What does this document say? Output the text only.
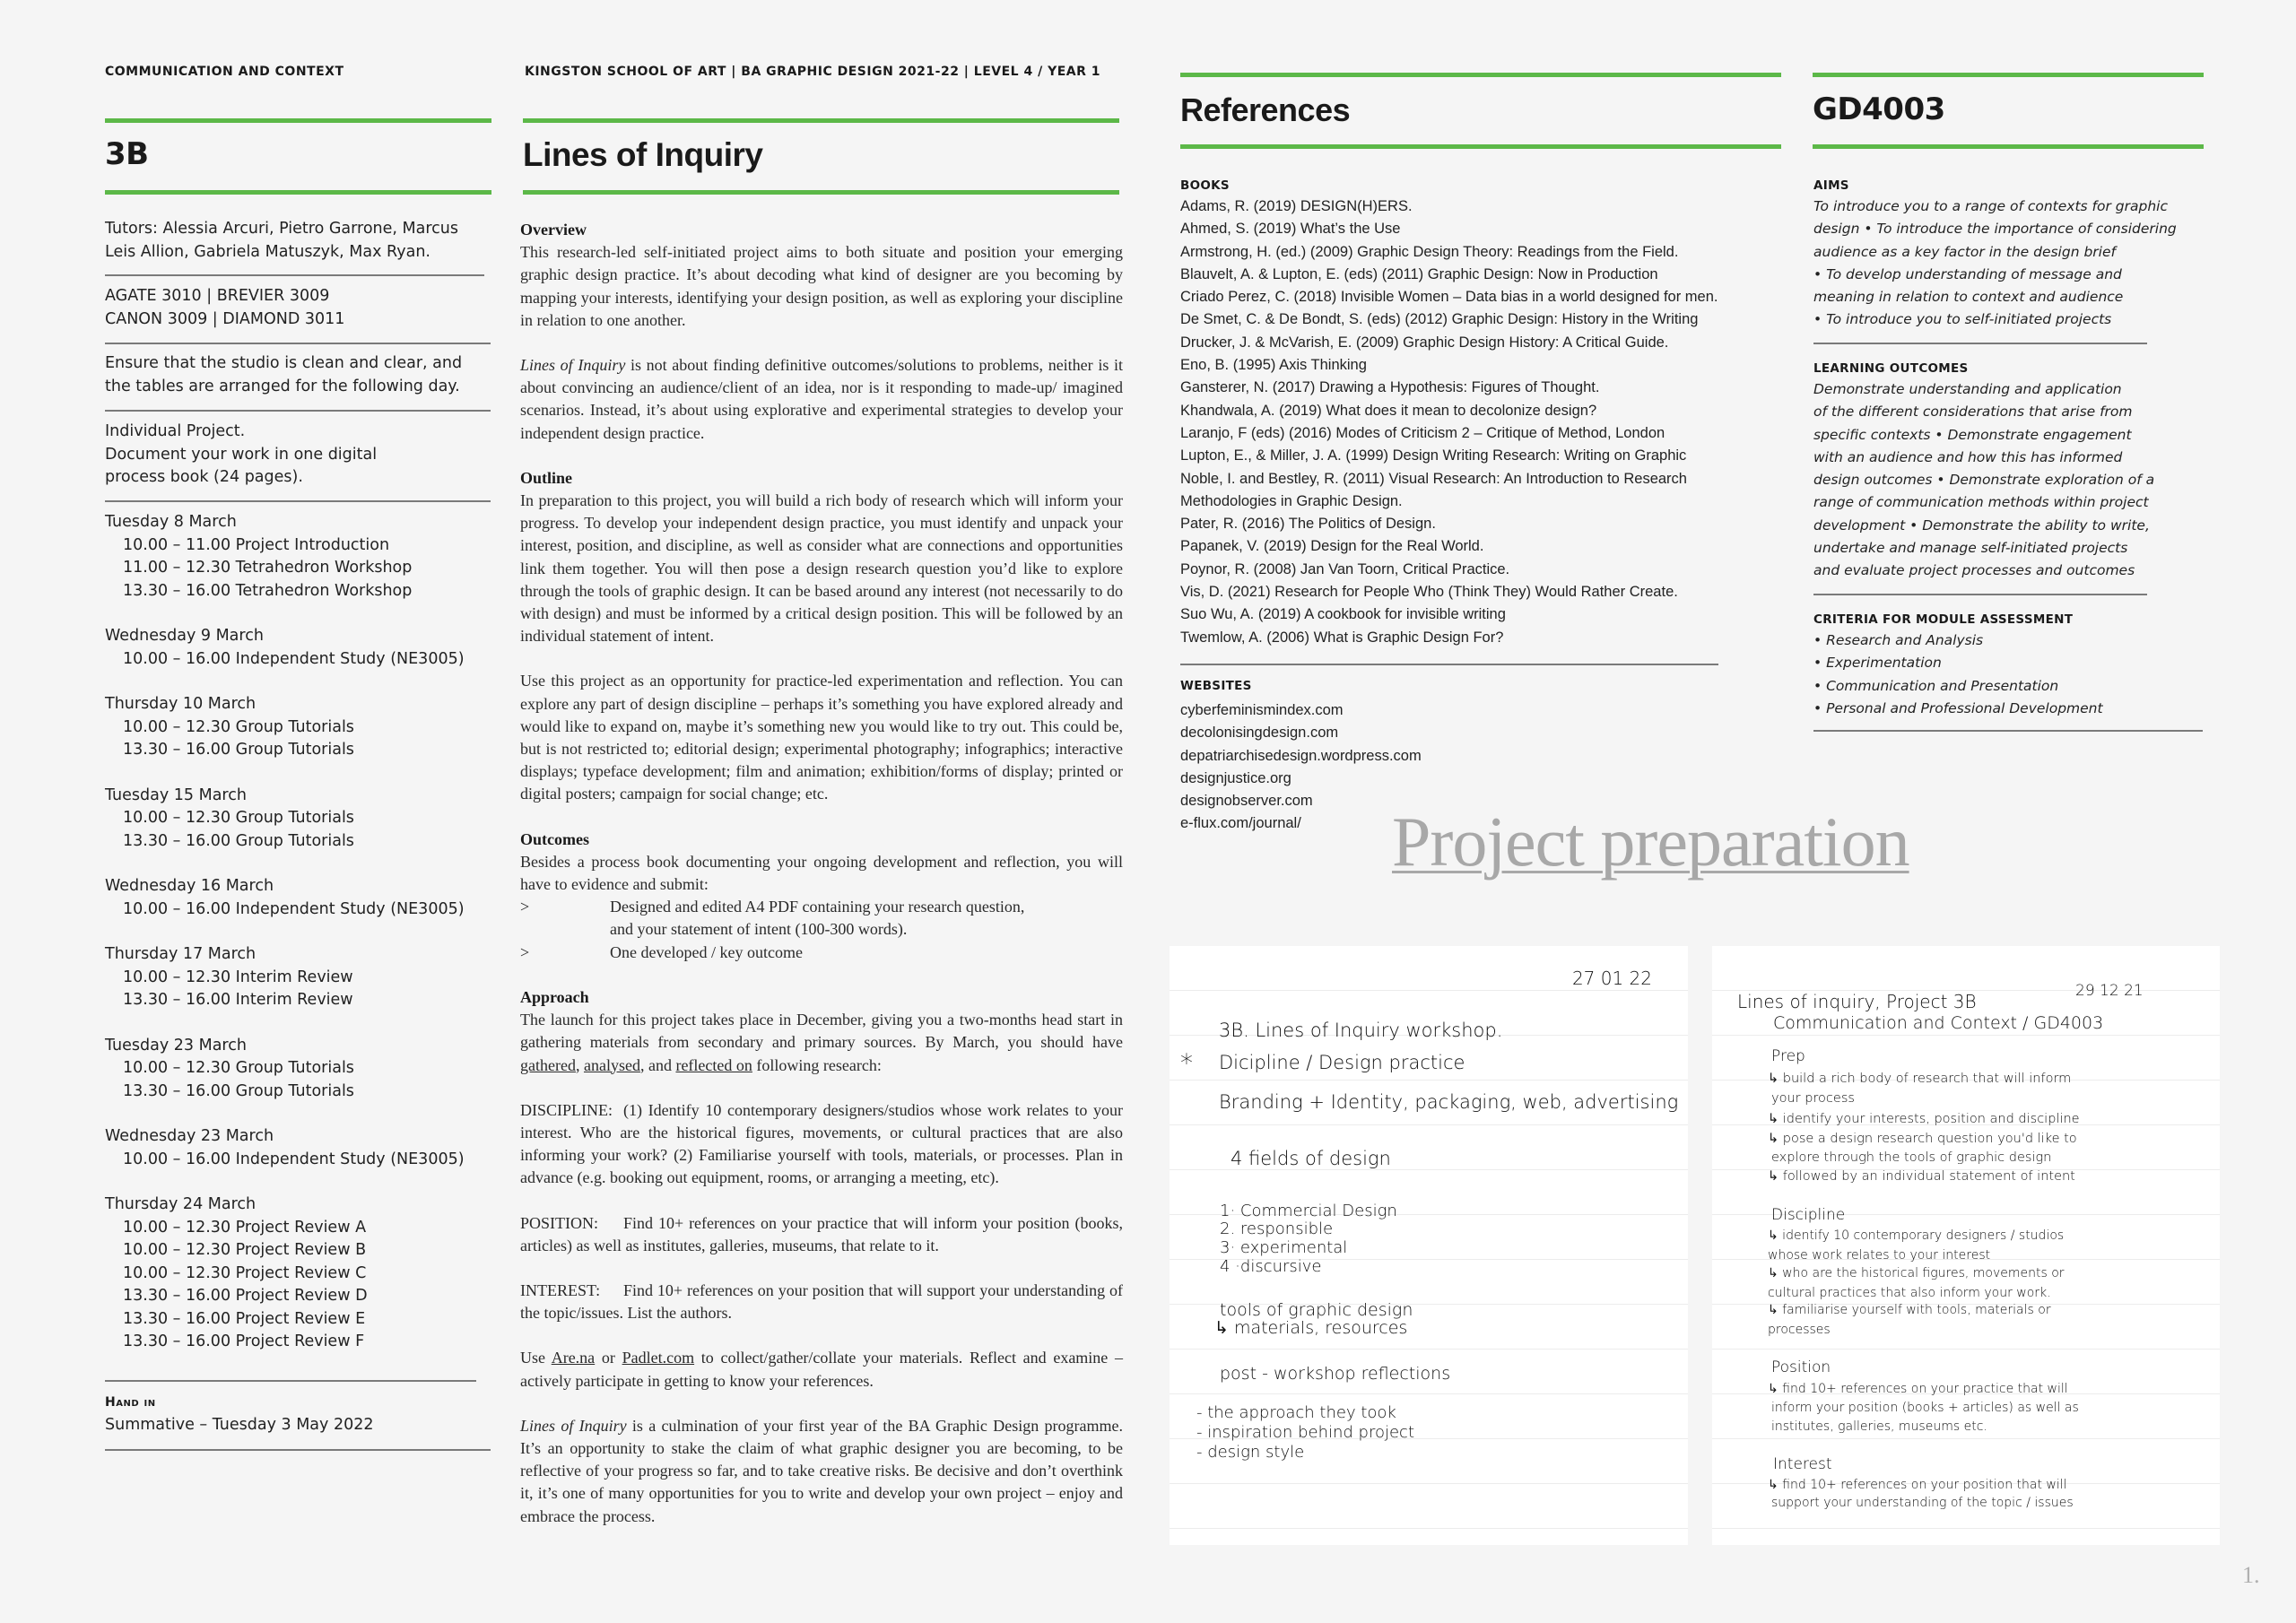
COMMUNICATION AND CONTEXT
3B
Tutors: Alessia Arcuri, Pietro Garrone, Marcus Leis Allion, Gabriela Matuszyk, Max Ryan.
AGATE 3010 | BREVIER 3009
CANON 3009 | DIAMOND 3011
Ensure that the studio is clean and clear, and the tables are arranged for the following day.
Individual Project.
Document your work in one digital
process book (24 pages).
Tuesday 8 March
10.00 – 11.00 Project Introduction
11.00 – 12.30 Tetrahedron Workshop
13.30 – 16.00 Tetrahedron Workshop
Wednesday 9 March
10.00 – 16.00 Independent Study (NE3005)
Thursday 10 March
10.00 – 12.30 Group Tutorials
13.30 – 16.00 Group Tutorials
Tuesday 15 March
10.00 – 12.30 Group Tutorials
13.30 – 16.00 Group Tutorials
Wednesday 16 March
10.00 – 16.00 Independent Study (NE3005)
Thursday 17 March
10.00 – 12.30 Interim Review
13.30 – 16.00 Interim Review
Tuesday 23 March
10.00 – 12.30 Group Tutorials
13.30 – 16.00 Group Tutorials
Wednesday 23 March
10.00 – 16.00 Independent Study (NE3005)
Thursday 24 March
10.00 – 12.30 Project Review A
10.00 – 12.30 Project Review B
10.00 – 12.30 Project Review C
13.30 – 16.00 Project Review D
13.30 – 16.00 Project Review E
13.30 – 16.00 Project Review F
Hand in
Summative – Tuesday 3 May 2022
KINGSTON SCHOOL OF ART | BA GRAPHIC DESIGN 2021-22 | LEVEL 4 / YEAR 1
Lines of Inquiry
Overview

This research-led self-initiated project aims to both situate and position your emerging graphic design practice. It’s about decoding what kind of designer are you becoming by mapping your interests, identifying your design position, as well as exploring your discipline in relation to one another.

Lines of Inquiry is not about finding definitive outcomes/solutions to problems, neither is it about convincing an audience/client of an idea, nor is it responding to made-up/ imagined scenarios. Instead, it’s about using explorative and experimental strategies to develop your independent design practice.

Outline

In preparation to this project, you will build a rich body of research which will inform your progress. To develop your independent design practice, you must identify and unpack your interest, position, and discipline, as well as consider what are connections and opportunities link them together. You will then pose a design research question you’d like to explore through the tools of graphic design. It can be based around any interest (not necessarily to do with design) and must be informed by a critical design position. This will be followed by an individual statement of intent.

Use this project as an opportunity for practice-led experimentation and reflection. You can explore any part of design discipline – perhaps it’s something you have explored already and would like to expand on, maybe it’s something new you would like to try out. This could be, but is not restricted to; editorial design; experimental photography; infographics; interactive displays; typeface development; film and animation; exhibition/forms of display; printed or digital posters; campaign for social change; etc.

Outcomes
Besides a process book documenting your ongoing development and reflection, you will have to evidence and submit:
>	Designed and edited A4 PDF containing your research question,
and your statement of intent (100-300 words).
>	One developed / key outcome
Approach

The launch for this project takes place in December, giving you a two-months head start in gathering materials from secondary and primary sources. By March, you should have gathered, analysed, and reflected on following research:

DISCIPLINE: (1) Identify 10 contemporary designers/studios whose work relates to your interest. Who are the historical figures, movements, or cultural practices that are also informing your work? (2) Familiarise yourself with tools, materials, or processes. Plan in advance (e.g. booking out equipment, rooms, or arranging a meeting, etc).

POSITION: Find 10+ references on your practice that will inform your position (books, articles) as well as institutes, galleries, museums, that relate to it.

INTEREST: Find 10+ references on your position that will support your understanding of the topic/issues. List the authors.

Use Are.na or Padlet.com to collect/gather/collate your materials. Reflect and examine – actively participate in getting to know your references.

Lines of Inquiry is a culmination of your first year of the BA Graphic Design programme. It’s an opportunity to stake the claim of what graphic designer you are becoming, to be reflective of your progress so far, and to take creative risks. Be decisive and don’t overthink it, it’s one of many opportunities for you to write and develop your own project – enjoy and embrace the process.

References
BOOKS
Adams, R. (2019) DESIGN(H)ERS.
Ahmed, S. (2019) What’s the Use
Armstrong, H. (ed.) (2009) Graphic Design Theory: Readings from the Field.
Blauvelt, A. & Lupton, E. (eds) (2011) Graphic Design: Now in Production
Criado Perez, C. (2018) Invisible Women – Data bias in a world designed for men.
De Smet, C. & De Bondt, S. (eds) (2012) Graphic Design: History in the Writing
Drucker, J. & McVarish, E. (2009) Graphic Design History: A Critical Guide.
Eno, B. (1995) Axis Thinking
Gansterer, N. (2017) Drawing a Hypothesis: Figures of Thought.
Khandwala, A. (2019) What does it mean to decolonize design?
Laranjo, F (eds) (2016) Modes of Criticism 2 – Critique of Method, London
Lupton, E., & Miller, J. A. (1999) Design Writing Research: Writing on Graphic
Noble, I. and Bestley, R. (2011) Visual Research: An Introduction to Research
Methodologies in Graphic Design.
Pater, R. (2016) The Politics of Design.
Papanek, V. (2019) Design for the Real World.
Poynor, R. (2008) Jan Van Toorn, Critical Practice.
Vis, D. (2021) Research for People Who (Think They) Would Rather Create.
Suo Wu, A. (2019) A cookbook for invisible writing
Twemlow, A. (2006) What is Graphic Design For?
WEBSITES
cyberfeminismindex.com
decolonisingdesign.com
depatriarchisedesign.wordpress.com
designjustice.org
designobserver.com
e-flux.com/journal/
GD4003
AIMS
To introduce you to a range of contexts for graphic
design • To introduce the importance of considering
audience as a key factor in the design brief
• To develop understanding of message and
meaning in relation to context and audience
• To introduce you to self-initiated projects
LEARNING OUTCOMES
Demonstrate understanding and application
of the different considerations that arise from
specific contexts • Demonstrate engagement
with an audience and how this has informed
design outcomes • Demonstrate exploration of a
range of communication methods within project
development • Demonstrate the ability to write,
undertake and manage self-initiated projects
and evaluate project processes and outcomes
CRITERIA FOR MODULE ASSESSMENT
• Research and Analysis
• Experimentation
• Communication and Presentation
• Personal and Professional Development
Project preparation
27 01 22
*
3B. Lines of Inquiry workshop.
Dicipline / Design practice
Branding + Identity, packaging, web, advertising
4 fields of design
1· Commercial Design
2. responsible
3· experimental
4 ·discursive
tools of graphic design
↳ materials, resources
post - workshop reflections
- the approach they took
- inspiration behind project
- design style
29 12 21
Lines of inquiry, Project 3B
Communication and Context / GD4003
Prep
↳ build a rich body of research that will inform
your process
↳ identify your interests, position and discipline
↳ pose a design research question you'd like to
explore through the tools of graphic design
↳ followed by an individual statement of intent
Discipline
↳ identify 10 contemporary designers / studios
whose work relates to your interest
↳ who are the historical figures, movements or
cultural practices that also inform your work.
↳ familiarise yourself with tools, materials or
processes
Position
↳ find 10+ references on your practice that will
inform your position (books + articles) as well as
institutes, galleries, museums etc.
Interest
↳ find 10+ references on your position that will
support your understanding of the topic / issues
1.
